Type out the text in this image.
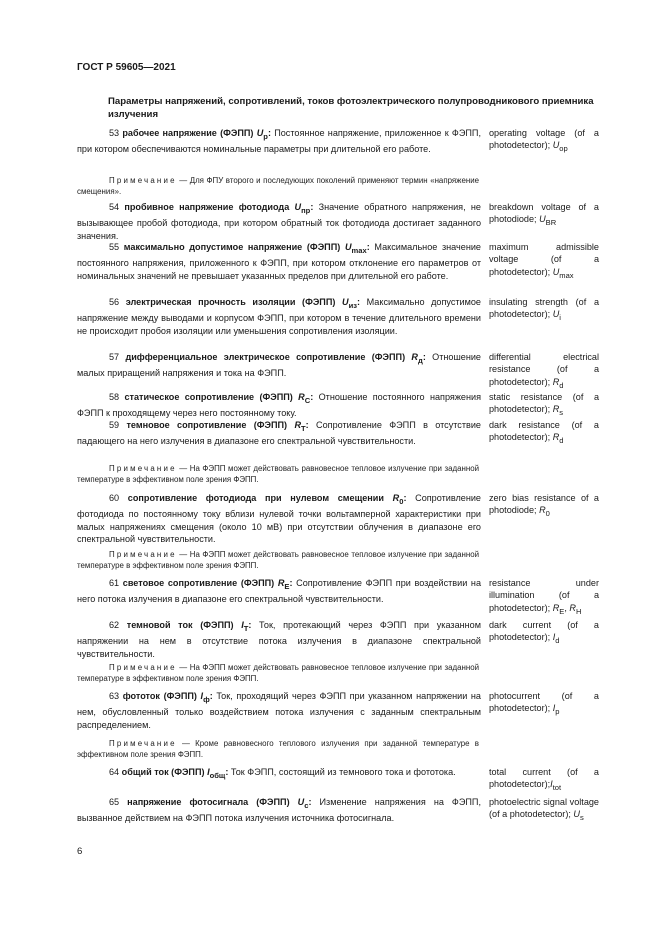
ГОСТ Р 59605—2021
Параметры напряжений, сопротивлений, токов фотоэлектрического полупроводникового приемника излучения
53 рабочее напряжение (ФЭПП) $U_р$: Постоянное напряжение, приложенное к ФЭПП, при котором обеспечиваются номинальные параметры при длительной его работе.
operating voltage (of a photodetector); $U_{op}$
54 пробивное напряжение фотодиода $U_{пр}$: Значение обратного напряжения, не вызывающее пробой фотодиода, при котором обратный ток фотодиода достигает заданного значения.
breakdown voltage of a photodiode; $U_{BR}$
55 максимально допустимое напряжение (ФЭПП) $U_{max}$: Максимальное значение постоянного напряжения, приложенного к ФЭПП, при котором отклонение его параметров от номинальных значений не превышает указанных пределов при длительной его работе.
maximum admissible voltage (of a photodetector); $U_{max}$
56 электрическая прочность изоляции (ФЭПП) $U_{из}$: Максимально допустимое напряжение между выводами и корпусом ФЭПП, при котором в течение длительного времени не происходит пробоя изоляции или уменьшения сопротивления изоляции.
insulating strength (of a photodetector); $U_i$
57 дифференциальное электрическое сопротивление (ФЭПП) $R_д$: Отношение малых приращений напряжения и тока на ФЭПП.
differential electrical resistance (of a photodetector); $R_d$
58 статическое сопротивление (ФЭПП) $R_С$: Отношение постоянного напряжения ФЭПП к проходящему через него постоянному току.
static resistance (of a photodetector); $R_s$
59 темновое сопротивление (ФЭПП) $R_Т$: Сопротивление ФЭПП в отсутствие падающего на него излучения в диапазоне его спектральной чувствительности.
dark resistance (of a photodetector); $R_d$
60 сопротивление фотодиода при нулевом смещении $R_0$: Сопротивление фотодиода по постоянному току вблизи нулевой точки вольтамперной характеристики при малых напряжениях смещения (около 10 мВ) при отсутствии облучения в диапазоне его спектральной чувствительности.
zero bias resistance of a photodiode; $R_0$
61 световое сопротивление (ФЭПП) $R_E$: Сопротивление ФЭПП при воздействии на него потока излучения в диапазоне его спектральной чувствительности.
resistance under illumination (of a photodetector); $R_E$, $R_H$
62 темновой ток (ФЭПП) $I_Т$: Ток, протекающий через ФЭПП при указанном напряжении на нем в отсутствие потока излучения в диапазоне спектральной чувствительности.
dark current (of a photodetector); $I_d$
63 фототок (ФЭПП) $I_ф$: Ток, проходящий через ФЭПП при указанном напряжении на нем, обусловленный только воздействием потока излучения с заданным спектральным распределением.
photocurrent (of a photodetector); $I_p$
64 общий ток (ФЭПП) $I_{общ}$: Ток ФЭПП, состоящий из темнового тока и фототока.	total current (of a $photodetector);I_{tot}$
65 напряжение фотосигнала (ФЭПП) $U_c$: Изменение напряжения на ФЭПП, вызванное действием на ФЭПП потока излучения источника фотосигнала.
photoelectric signal voltage (of a photodetector); $U_s$
Примечание — Для ФПУ второго и последующих поколений применяют термин «напряжение смещения».
Примечание — На ФЭПП может действовать равновесное тепловое излучение при заданной температуре в эффективном поле зрения ФЭПП.
Примечание — На ФЭПП может действовать равновесное тепловое излучение при заданной температуре в эффективном поле зрения ФЭПП.
Примечание — На ФЭПП может действовать равновесное тепловое излучение при заданной температуре в эффективном поле зрения ФЭПП.
Примечание — Кроме равновесного теплового излучения при заданной температуре в эффективном поле зрения ФЭПП.
6
